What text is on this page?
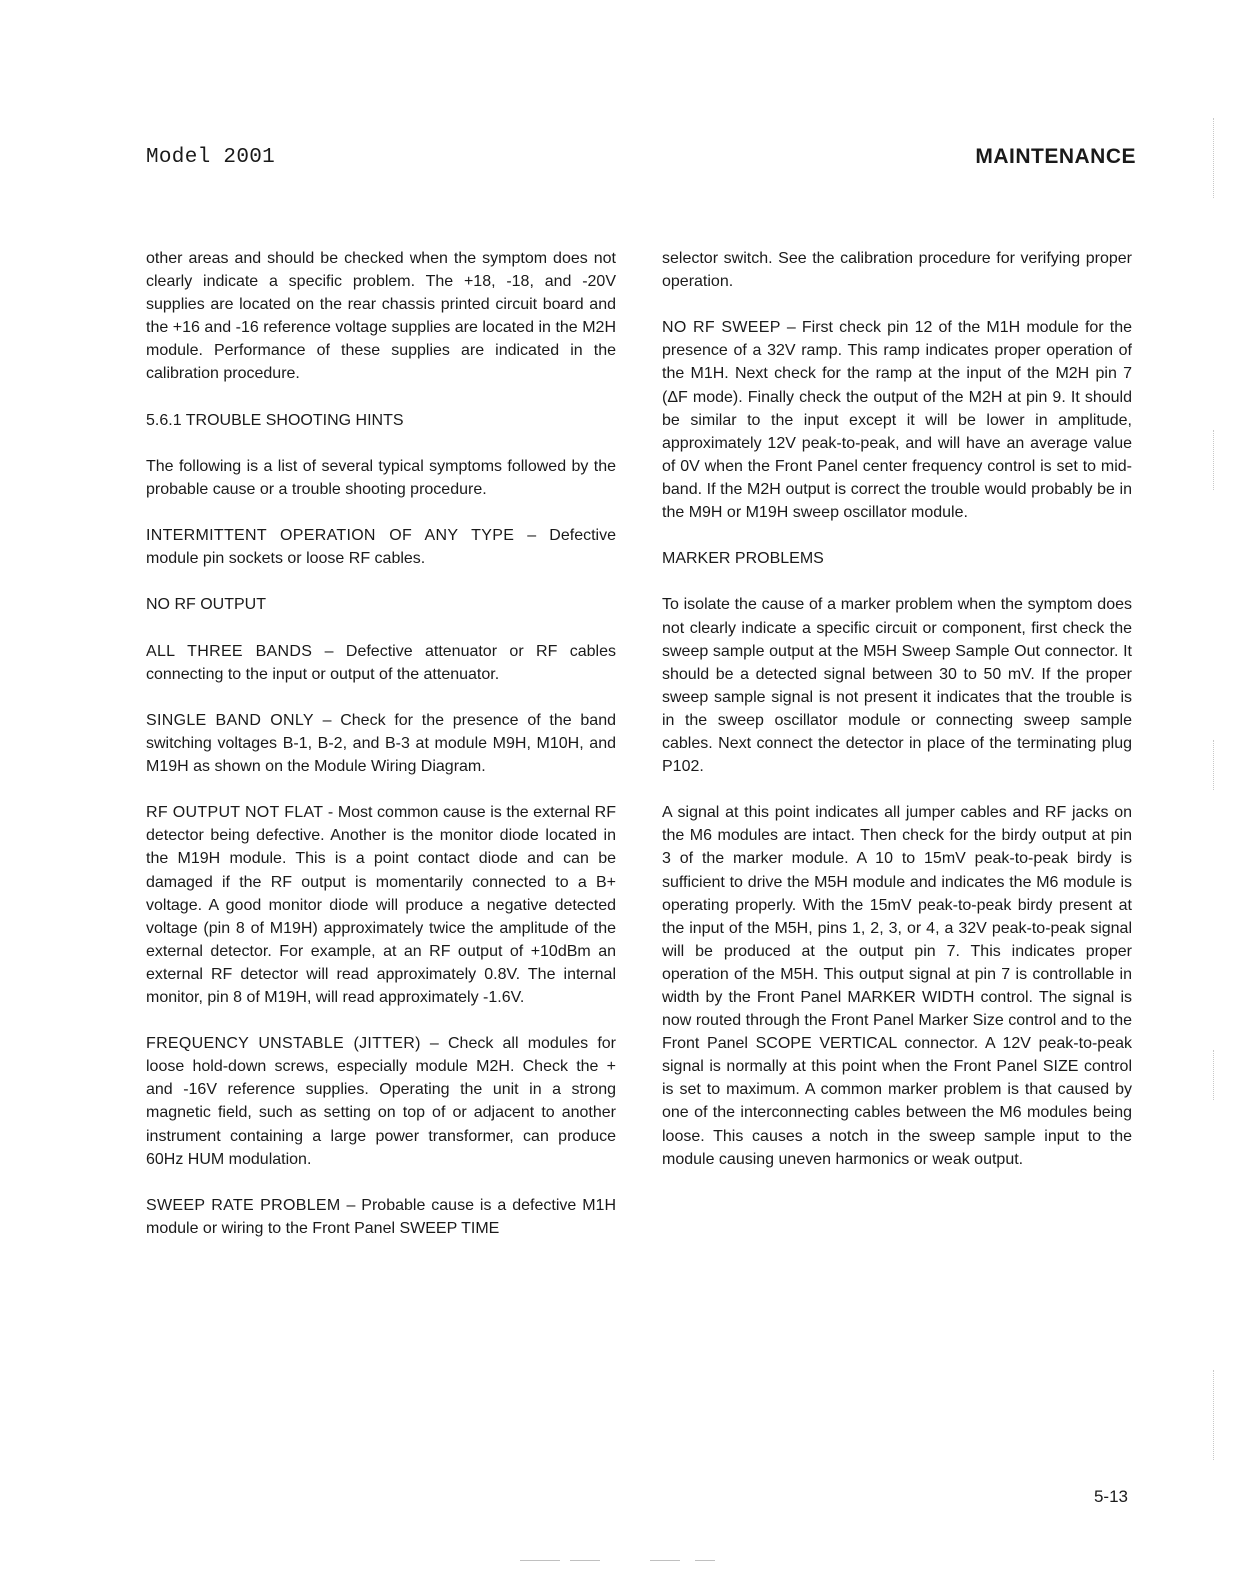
Model 2001	MAINTENANCE

other areas and should be checked when the symptom does not clearly indicate a specific problem. The +18, -18, and -20V supplies are located on the rear chassis printed circuit board and the +16 and -16 reference voltage supplies are located in the M2H module. Performance of these supplies are indicated in the calibration procedure.

5.6.1 TROUBLE SHOOTING HINTS

The following is a list of several typical symptoms followed by the probable cause or a trouble shooting procedure.

INTERMITTENT OPERATION OF ANY TYPE – Defective module pin sockets or loose RF cables.

NO RF OUTPUT

ALL THREE BANDS – Defective attenuator or RF cables connecting to the input or output of the attenuator.

SINGLE BAND ONLY – Check for the presence of the band switching voltages B-1, B-2, and B-3 at module M9H, M10H, and M19H as shown on the Module Wiring Diagram.

RF OUTPUT NOT FLAT - Most common cause is the external RF detector being defective. Another is the monitor diode located in the M19H module. This is a point contact diode and can be damaged if the RF output is momentarily connected to a B+ voltage. A good monitor diode will produce a negative detected voltage (pin 8 of M19H) approximately twice the amplitude of the external detector. For example, at an RF output of +10dBm an external RF detector will read approximately 0.8V. The internal monitor, pin 8 of M19H, will read approximately -1.6V.

FREQUENCY UNSTABLE (JITTER) – Check all modules for loose hold-down screws, especially module M2H. Check the + and -16V reference supplies. Operating the unit in a strong magnetic field, such as setting on top of or adjacent to another instrument containing a large power transformer, can produce 60Hz HUM modulation.

SWEEP RATE PROBLEM – Probable cause is a defective M1H module or wiring to the Front Panel SWEEP TIME

selector switch. See the calibration procedure for verifying proper operation.

NO RF SWEEP – First check pin 12 of the M1H module for the presence of a 32V ramp. This ramp indicates proper operation of the M1H. Next check for the ramp at the input of the M2H pin 7 (ΔF mode). Finally check the output of the M2H at pin 9. It should be similar to the input except it will be lower in amplitude, approximately 12V peak-to-peak, and will have an average value of 0V when the Front Panel center frequency control is set to mid-band. If the M2H output is correct the trouble would probably be in the M9H or M19H sweep oscillator module.

MARKER PROBLEMS

To isolate the cause of a marker problem when the symptom does not clearly indicate a specific circuit or component, first check the sweep sample output at the M5H Sweep Sample Out connector. It should be a detected signal between 30 to 50 mV. If the proper sweep sample signal is not present it indicates that the trouble is in the sweep oscillator module or connecting sweep sample cables. Next connect the detector in place of the terminating plug P102.

A signal at this point indicates all jumper cables and RF jacks on the M6 modules are intact. Then check for the birdy output at pin 3 of the marker module. A 10 to 15mV peak-to-peak birdy is sufficient to drive the M5H module and indicates the M6 module is operating properly. With the 15mV peak-to-peak birdy present at the input of the M5H, pins 1, 2, 3, or 4, a 32V peak-to-peak signal will be produced at the output pin 7. This indicates proper operation of the M5H. This output signal at pin 7 is controllable in width by the Front Panel MARKER WIDTH control. The signal is now routed through the Front Panel Marker Size control and to the Front Panel SCOPE VERTICAL connector. A 12V peak-to-peak signal is normally at this point when the Front Panel SIZE control is set to maximum. A common marker problem is that caused by one of the interconnecting cables between the M6 modules being loose. This causes a notch in the sweep sample input to the module causing uneven harmonics or weak output.

5-13
